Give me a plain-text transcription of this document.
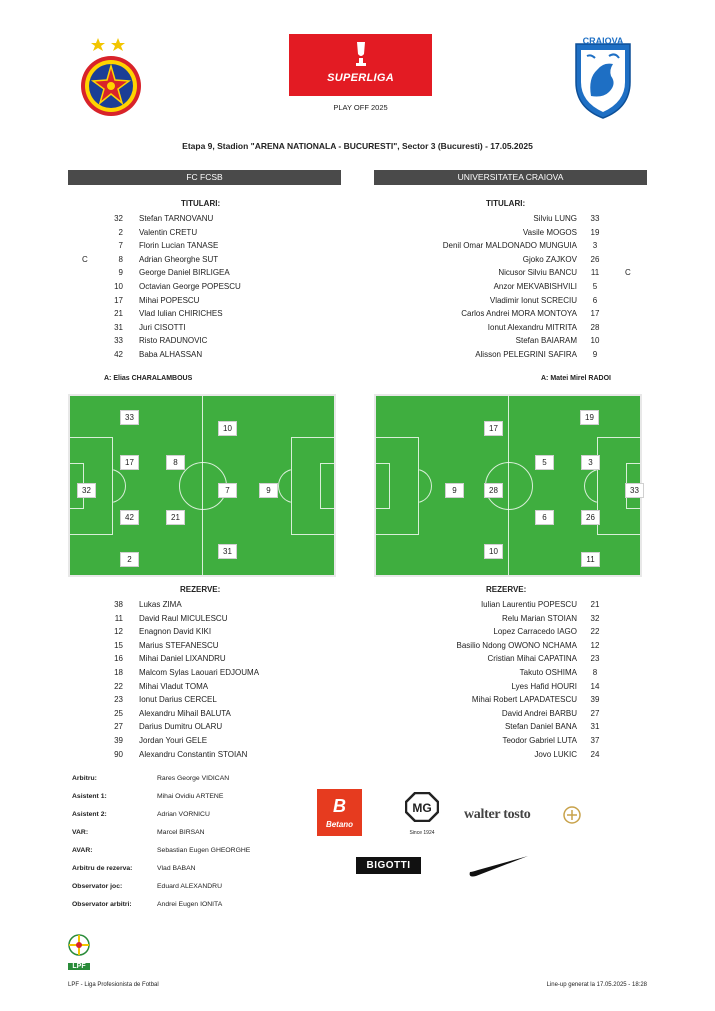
SUPERLIGA
PLAY OFF 2025
CRAIOVA
Etapa 9, Stadion "ARENA NATIONALA - BUCURESTI", Sector 3 (Bucuresti) - 17.05.2025
FC FCSB	UNIVERSITATEA CRAIOVA
TITULARI:	TITULARI:
32 Stefan TARNOVANU
2 Valentin CRETU
7 Florin Lucian TANASE
C	8 Adrian Gheorghe SUT
9 George Daniel BIRLIGEA
10 Octavian George POPESCU
17 Mihai POPESCU
21 Vlad Iulian CHIRICHES
31 Juri CISOTTI
33 Risto RADUNOVIC
42 Baba ALHASSAN
Silviu LUNG	33
Vasile MOGOS	19
Denil Omar MALDONADO MUNGUIA	3
Gjoko ZAJKOV	26
Nicusor Silviu BANCU	11	C
Anzor MEKVABISHVILI	5
Vladimir Ionut SCRECIU	6
Carlos Andrei MORA MONTOYA	17
Ionut Alexandru MITRITA	28
Stefan BAIARAM	10
Alisson PELEGRINI SAFIRA	9
A: Elias CHARALAMBOUS	A: Matei Mirel RADOI
33
10
17	8
32	7	9
42	21
2
31
19
17
5	3
9	28	33
6	26
10
11
REZERVE:	REZERVE:
38 Lukas ZIMA
11 David Raul MICULESCU
12 Enagnon David KIKI
15 Marius STEFANESCU
16 Mihai Daniel LIXANDRU
18 Malcom Sylas Laouari EDJOUMA
22 Mihai Vladut TOMA
23 Ionut Darius CERCEL
25 Alexandru Mihail BALUTA
27 Darius Dumitru OLARU
39 Jordan Youri GELE
90 Alexandru Constantin STOIAN
Iulian Laurentiu POPESCU	21
Relu Marian STOIAN	32
Lopez Carracedo IAGO	22
Basilio Ndong OWONO NCHAMA	12
Cristian Mihai CAPATINA	23
Takuto OSHIMA	8
Lyes Hafid HOURI	14
Mihai Robert LAPADATESCU	39
David Andrei BARBU	27
Stefan Daniel BANA	31
Teodor Gabriel LUTA	37
Jovo LUKIC	24
Arbitru:	Rares George VIDICAN
Asistent 1:	Mihai Ovidiu ARTENE
Asistent 2:	Adrian VORNICU
VAR:	Marcel BIRSAN
AVAR:	Sebastian Eugen GHEORGHE
Arbitru de rezerva:	Vlad BABAN
Observator joc:	Eduard ALEXANDRU
Observator arbitri:	Andrei Eugen IONITA
B
Betano
MG
Since 1924
walter tosto
BIGOTTI
LPF
LPF - Liga Profesionista de Fotbal	Line-up generat la 17.05.2025 - 18:28
